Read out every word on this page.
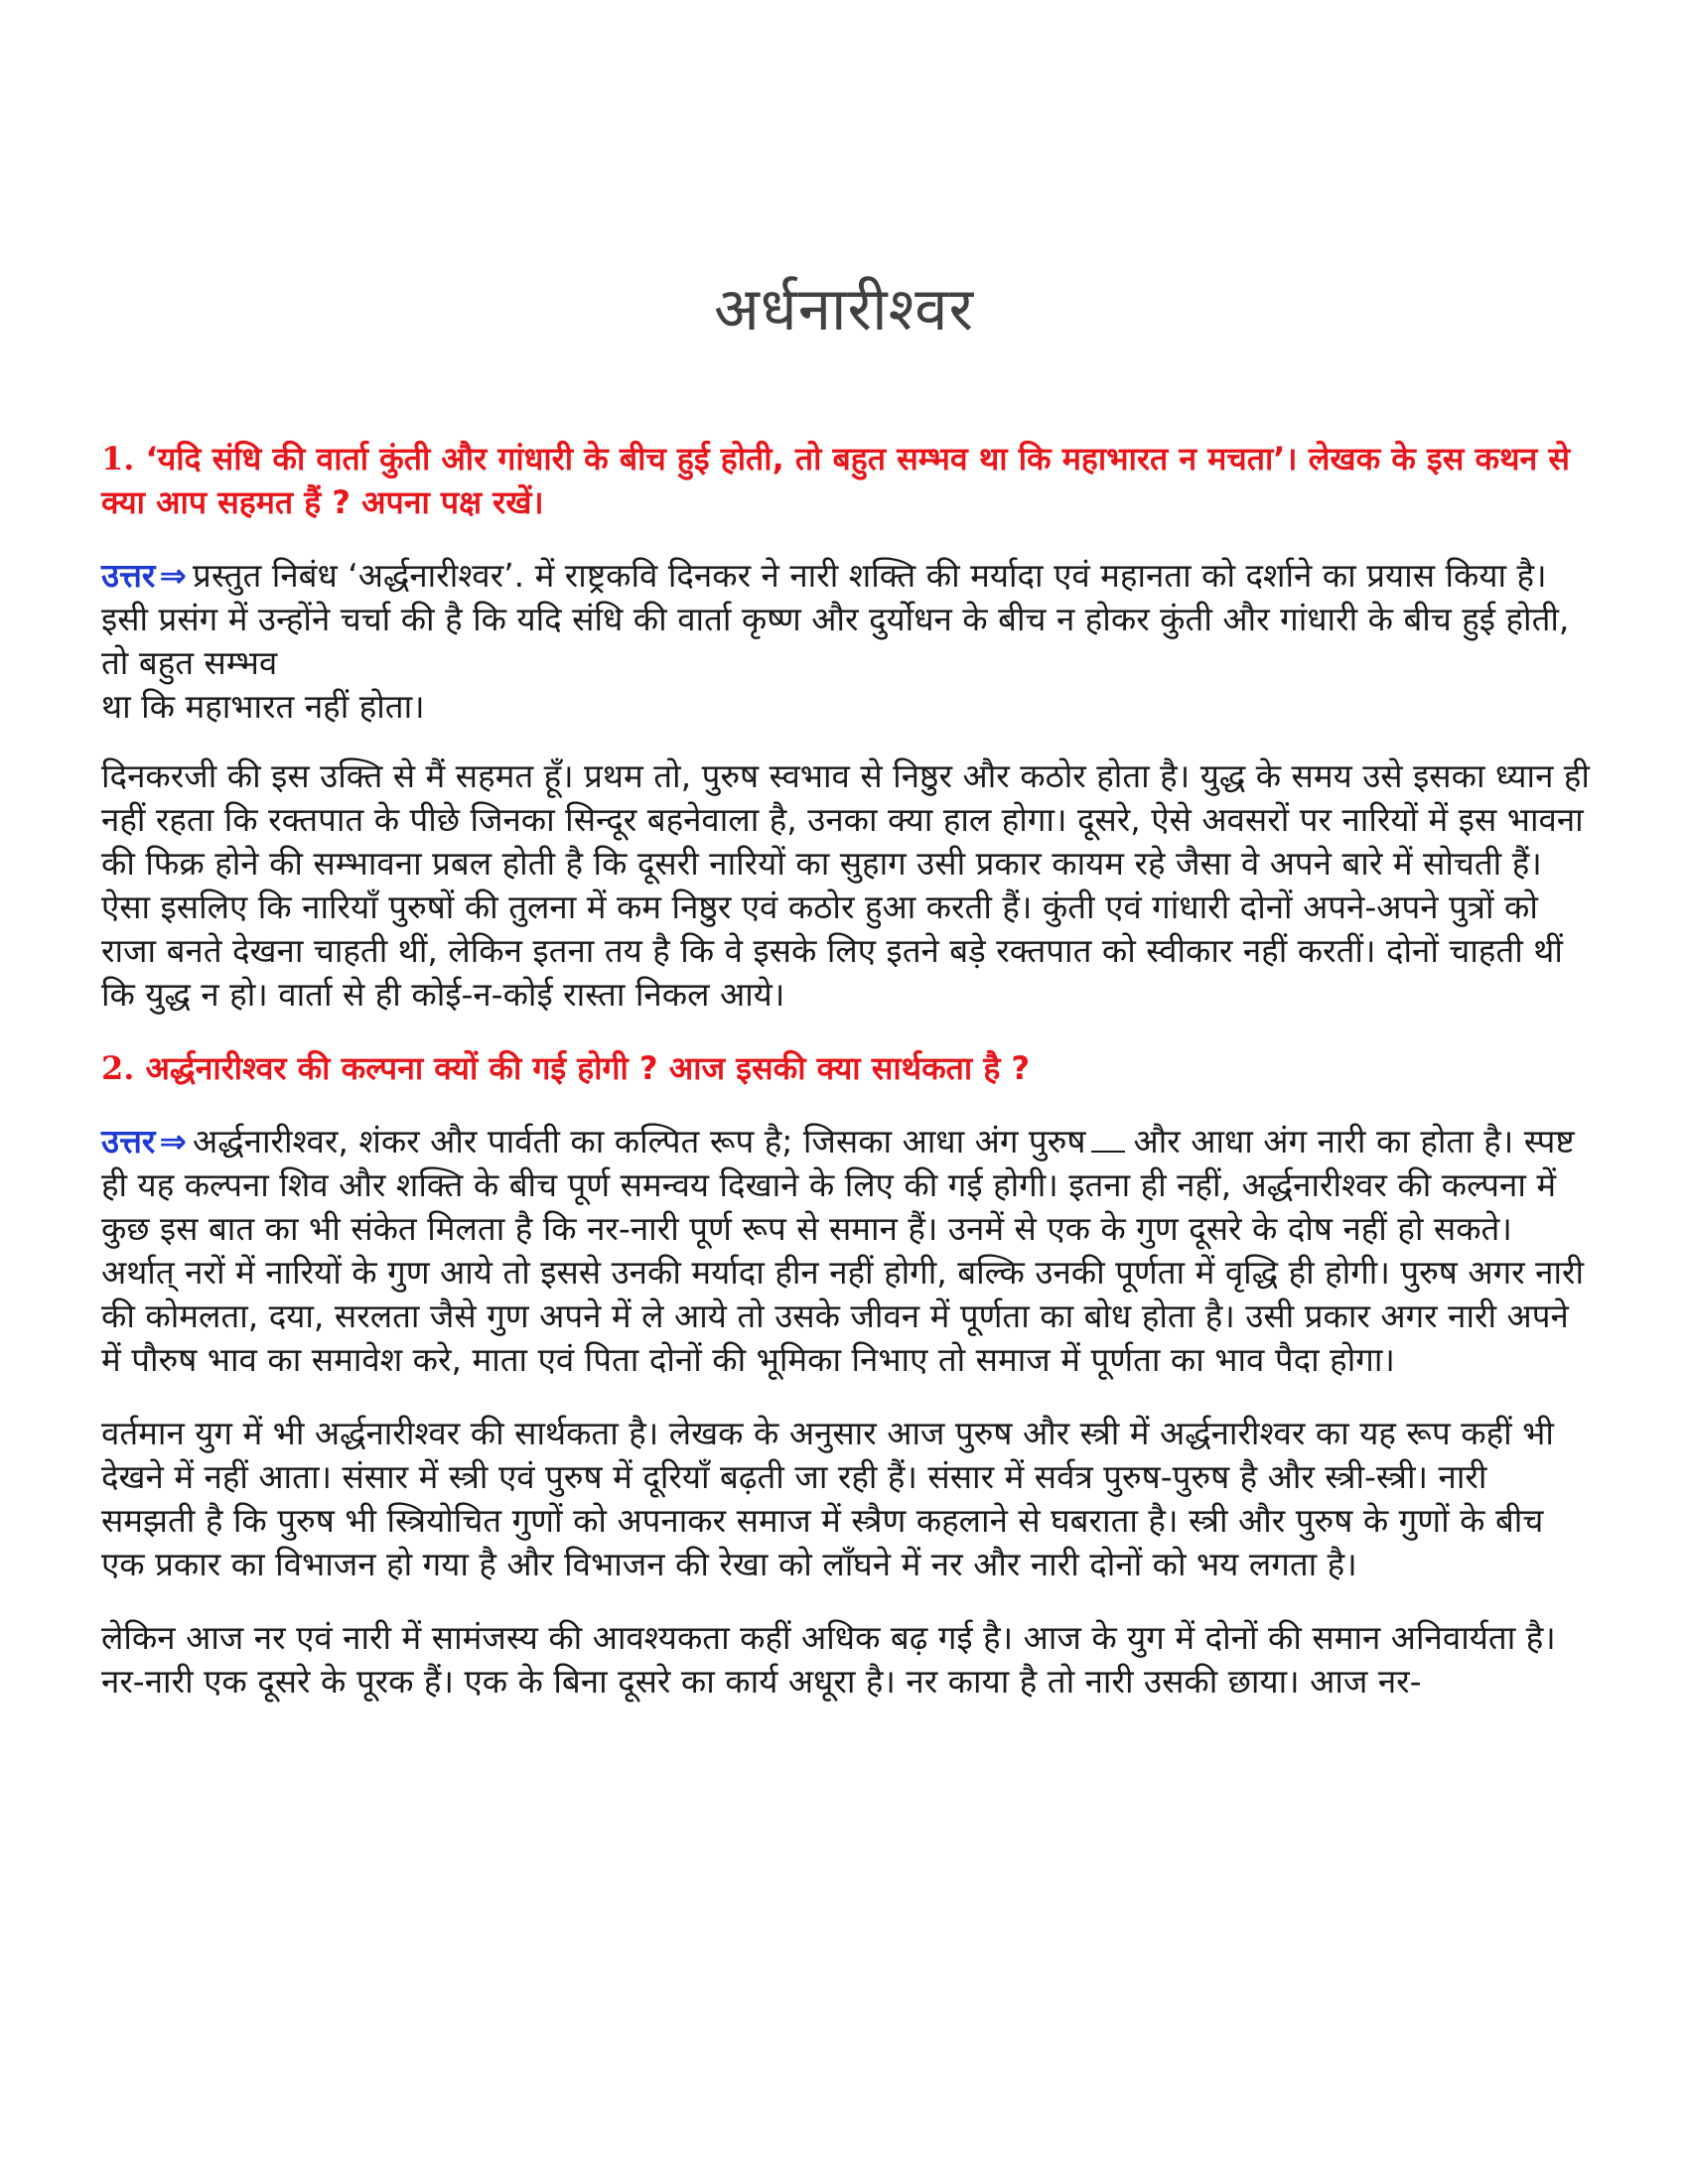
अर्धनारीश्वर

1. ‘यदि संधि की वार्ता कुंती और गांधारी के बीच हुई होती, तो बहुत सम्भव था कि महाभारत न मचता’। लेखक के इस कथन से क्या आप सहमत हैं ? अपना पक्ष रखें।

उत्तर ⇒ प्रस्तुत निबंध ‘अर्द्धनारीश्वर’. में राष्ट्रकवि दिनकर ने नारी शक्ति की मर्यादा एवं महानता को दर्शाने का प्रयास किया है। इसी प्रसंग में उन्होंने चर्चा की है कि यदि संधि की वार्ता कृष्ण और दुर्योधन के बीच न होकर कुंती और गांधारी के बीच हुई होती, तो बहुत सम्भव
था कि महाभारत नहीं होता।

दिनकरजी की इस उक्ति से मैं सहमत हूँ। प्रथम तो, पुरुष स्वभाव से निष्ठुर और कठोर होता है। युद्ध के समय उसे इसका ध्यान ही नहीं रहता कि रक्तपात के पीछे जिनका सिन्दूर बहनेवाला है, उनका क्या हाल होगा। दूसरे, ऐसे अवसरों पर नारियों में इस भावना की फिक्र होने की सम्भावना प्रबल होती है कि दूसरी नारियों का सुहाग उसी प्रकार कायम रहे जैसा वे अपने बारे में सोचती हैं। ऐसा इसलिए कि नारियाँ पुरुषों की तुलना में कम निष्ठुर एवं कठोर हुआ करती हैं। कुंती एवं गांधारी दोनों अपने-अपने पुत्रों को राजा बनते देखना चाहती थीं, लेकिन इतना तय है कि वे इसके लिए इतने बड़े रक्तपात को स्वीकार नहीं करतीं। दोनों चाहती थीं कि युद्ध न हो। वार्ता से ही कोई-न-कोई रास्ता निकल आये।

2. अर्द्धनारीश्वर की कल्पना क्यों की गई होगी ? आज इसकी क्या सार्थकता है ?

उत्तर ⇒ अर्द्धनारीश्वर, शंकर और पार्वती का कल्पित रूप है; जिसका आधा अंग पुरुष और आधा अंग नारी का होता है। स्पष्ट ही यह कल्पना शिव और शक्ति के बीच पूर्ण समन्वय दिखाने के लिए की गई होगी। इतना ही नहीं, अर्द्धनारीश्वर की कल्पना में कुछ इस बात का भी संकेत मिलता है कि नर-नारी पूर्ण रूप से समान हैं। उनमें से एक के गुण दूसरे के दोष नहीं हो सकते। अर्थात् नरों में नारियों के गुण आये तो इससे उनकी मर्यादा हीन नहीं होगी, बल्कि उनकी पूर्णता में वृद्धि ही होगी। पुरुष अगर नारी की कोमलता, दया, सरलता जैसे गुण अपने में ले आये तो उसके जीवन में पूर्णता का बोध होता है। उसी प्रकार अगर नारी अपने में पौरुष भाव का समावेश करे, माता एवं पिता दोनों की भूमिका निभाए तो समाज में पूर्णता का भाव पैदा होगा।

वर्तमान युग में भी अर्द्धनारीश्वर की सार्थकता है। लेखक के अनुसार आज पुरुष और स्त्री में अर्द्धनारीश्वर का यह रूप कहीं भी देखने में नहीं आता। संसार में स्त्री एवं पुरुष में दूरियाँ बढ़ती जा रही हैं। संसार में सर्वत्र पुरुष-पुरुष है और स्त्री-स्त्री। नारी समझती है कि पुरुष भी स्त्रियोचित गुणों को अपनाकर समाज में स्त्रैण कहलाने से घबराता है। स्त्री और पुरुष के गुणों के बीच एक प्रकार का विभाजन हो गया है और विभाजन की रेखा को लाँघने में नर और नारी दोनों को भय लगता है।

लेकिन आज नर एवं नारी में सामंजस्य की आवश्यकता कहीं अधिक बढ़ गई है। आज के युग में दोनों की समान अनिवार्यता है। नर-नारी एक दूसरे के पूरक हैं। एक के बिना दूसरे का कार्य अधूरा है। नर काया है तो नारी उसकी छाया। आज नर-
